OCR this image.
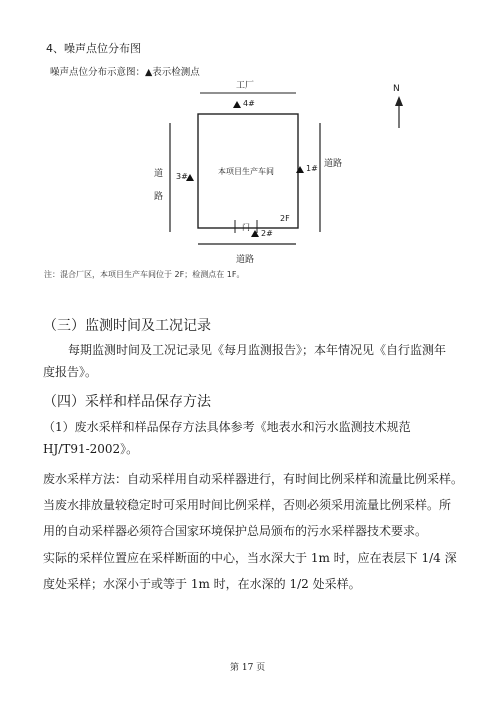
4、噪声点位分布图
噪声点位分布示意图：▲表示检测点
工厂	N
4#
本项目生产车间	1#
3#
道路
道路
2F
门
2#
道路
注：混合厂区，本项目生产车间位于 2F；检测点在 1F。
（三）监测时间及工况记录
每期监测时间及工况记录见《每月监测报告》；本年情况见《自行监测年
度报告》。
（四）采样和样品保存方法
（1）废水采样和样品保存方法具体参考《地表水和污水监测技术规范
HJ/T91-2002》。
废水采样方法：自动采样用自动采样器进行，有时间比例采样和流量比例采样。
当废水排放量较稳定时可采用时间比例采样，否则必须采用流量比例采样。所
用的自动采样器必须符合国家环境保护总局颁布的污水采样器技术要求。
实际的采样位置应在采样断面的中心，当水深大于 1m 时，应在表层下 1/4 深
度处采样；水深小于或等于 1m 时，在水深的 1/2 处采样。
第 17 页
